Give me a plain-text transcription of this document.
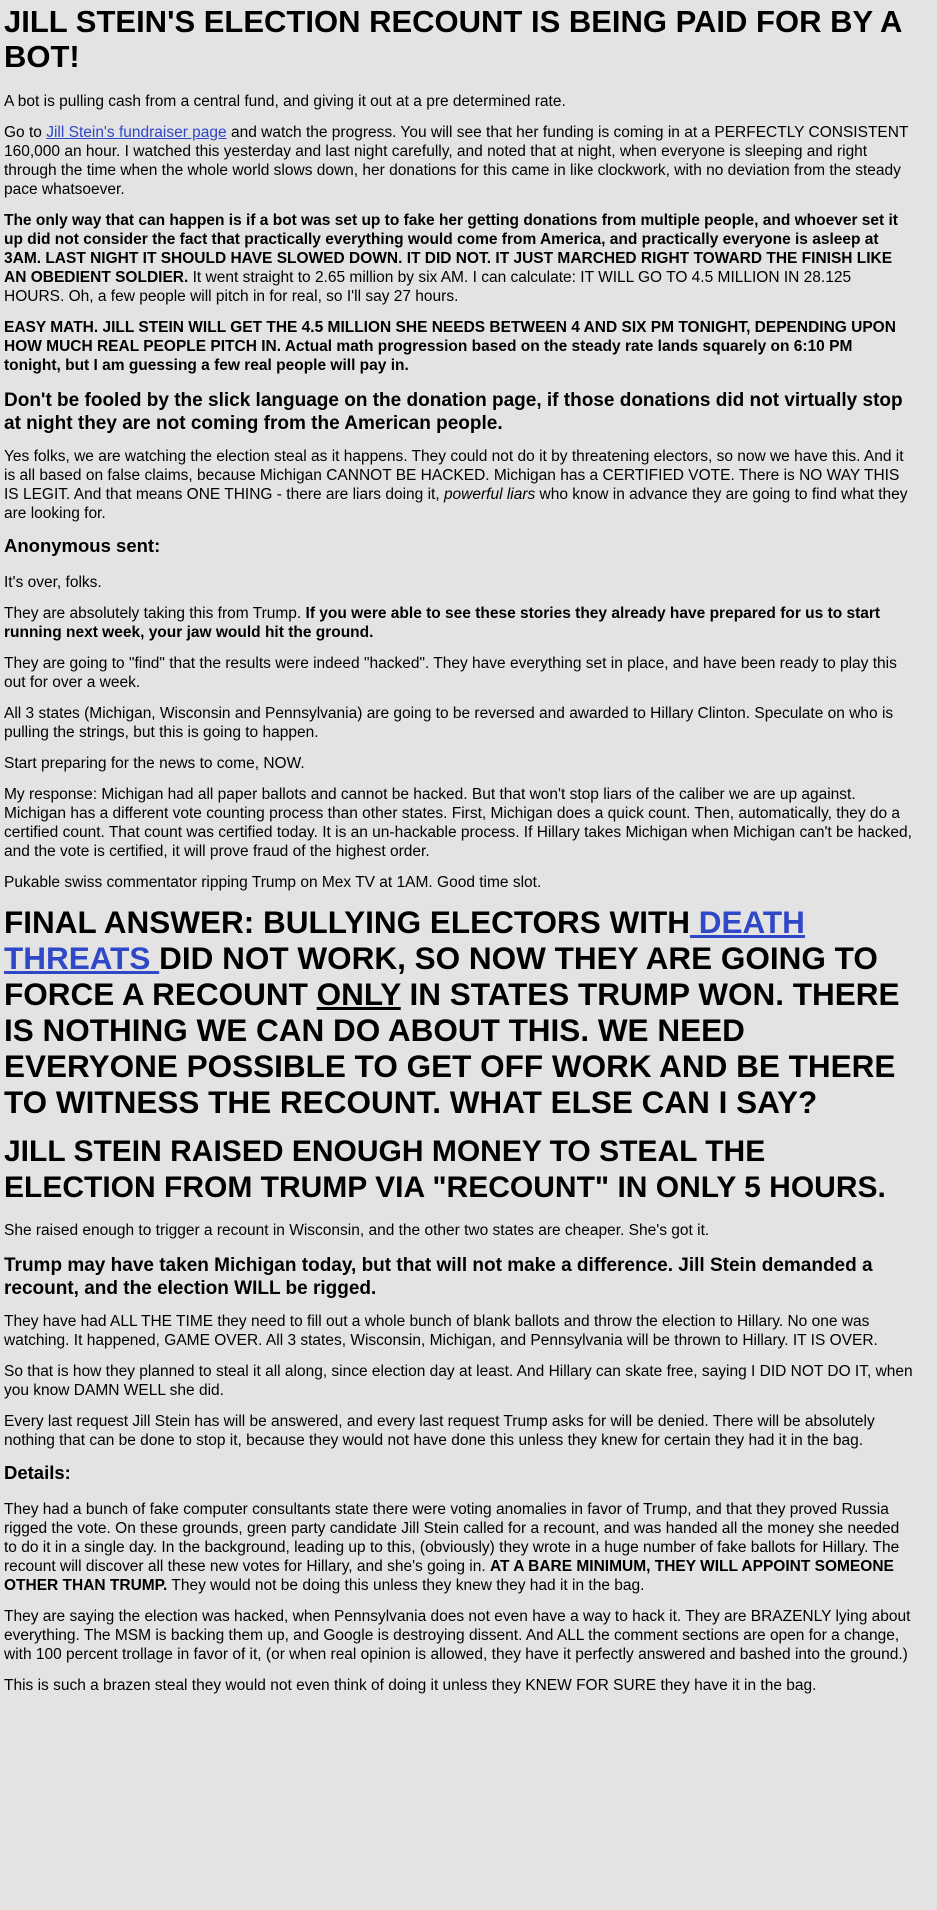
JILL STEIN'S ELECTION RECOUNT IS BEING PAID FOR BY A BOT!

A bot is pulling cash from a central fund, and giving it out at a pre determined rate.

Go to Jill Stein's fundraiser page and watch the progress. You will see that her funding is coming in at a PERFECTLY CONSISTENT 160,000 an hour. I watched this yesterday and last night carefully, and noted that at night, when everyone is sleeping and right through the time when the whole world slows down, her donations for this came in like clockwork, with no deviation from the steady pace whatsoever.

The only way that can happen is if a bot was set up to fake her getting donations from multiple people, and whoever set it up did not consider the fact that practically everything would come from America, and practically everyone is asleep at 3AM. LAST NIGHT IT SHOULD HAVE SLOWED DOWN. IT DID NOT. IT JUST MARCHED RIGHT TOWARD THE FINISH LIKE AN OBEDIENT SOLDIER. It went straight to 2.65 million by six AM. I can calculate: IT WILL GO TO 4.5 MILLION IN 28.125 HOURS. Oh, a few people will pitch in for real, so I'll say 27 hours.

EASY MATH. JILL STEIN WILL GET THE 4.5 MILLION SHE NEEDS BETWEEN 4 AND SIX PM TONIGHT, DEPENDING UPON HOW MUCH REAL PEOPLE PITCH IN. Actual math progression based on the steady rate lands squarely on 6:10 PM tonight, but I am guessing a few real people will pay in.

Don't be fooled by the slick language on the donation page, if those donations did not virtually stop at night they are not coming from the American people.

Yes folks, we are watching the election steal as it happens. They could not do it by threatening electors, so now we have this. And it is all based on false claims, because Michigan CANNOT BE HACKED. Michigan has a CERTIFIED VOTE. There is NO WAY THIS IS LEGIT. And that means ONE THING - there are liars doing it, powerful liars who know in advance they are going to find what they are looking for.

Anonymous sent:

It's over, folks.

They are absolutely taking this from Trump. If you were able to see these stories they already have prepared for us to start running next week, your jaw would hit the ground.

They are going to "find" that the results were indeed "hacked". They have everything set in place, and have been ready to play this out for over a week.

All 3 states (Michigan, Wisconsin and Pennsylvania) are going to be reversed and awarded to Hillary Clinton. Speculate on who is pulling the strings, but this is going to happen.

Start preparing for the news to come, NOW.

My response: Michigan had all paper ballots and cannot be hacked. But that won't stop liars of the caliber we are up against. Michigan has a different vote counting process than other states. First, Michigan does a quick count. Then, automatically, they do a certified count. That count was certified today. It is an un-hackable process. If Hillary takes Michigan when Michigan can't be hacked, and the vote is certified, it will prove fraud of the highest order.

Pukable swiss commentator ripping Trump on Mex TV at 1AM. Good time slot.

FINAL ANSWER: BULLYING ELECTORS WITH DEATH THREATS DID NOT WORK, SO NOW THEY ARE GOING TO FORCE A RECOUNT ONLY IN STATES TRUMP WON. THERE IS NOTHING WE CAN DO ABOUT THIS. WE NEED EVERYONE POSSIBLE TO GET OFF WORK AND BE THERE TO WITNESS THE RECOUNT. WHAT ELSE CAN I SAY?
JILL STEIN RAISED ENOUGH MONEY TO STEAL THE ELECTION FROM TRUMP VIA "RECOUNT" IN ONLY 5 HOURS.

She raised enough to trigger a recount in Wisconsin, and the other two states are cheaper. She's got it.

Trump may have taken Michigan today, but that will not make a difference. Jill Stein demanded a recount, and the election WILL be rigged.

They have had ALL THE TIME they need to fill out a whole bunch of blank ballots and throw the election to Hillary. No one was watching. It happened, GAME OVER. All 3 states, Wisconsin, Michigan, and Pennsylvania will be thrown to Hillary. IT IS OVER.

So that is how they planned to steal it all along, since election day at least. And Hillary can skate free, saying I DID NOT DO IT, when you know DAMN WELL she did.

Every last request Jill Stein has will be answered, and every last request Trump asks for will be denied. There will be absolutely nothing that can be done to stop it, because they would not have done this unless they knew for certain they had it in the bag.

Details:

They had a bunch of fake computer consultants state there were voting anomalies in favor of Trump, and that they proved Russia rigged the vote. On these grounds, green party candidate Jill Stein called for a recount, and was handed all the money she needed to do it in a single day. In the background, leading up to this, (obviously) they wrote in a huge number of fake ballots for Hillary. The recount will discover all these new votes for Hillary, and she's going in. AT A BARE MINIMUM, THEY WILL APPOINT SOMEONE OTHER THAN TRUMP. They would not be doing this unless they knew they had it in the bag.

They are saying the election was hacked, when Pennsylvania does not even have a way to hack it. They are BRAZENLY lying about everything. The MSM is backing them up, and Google is destroying dissent. And ALL the comment sections are open for a change, with 100 percent trollage in favor of it, (or when real opinion is allowed, they have it perfectly answered and bashed into the ground.)

This is such a brazen steal they would not even think of doing it unless they KNEW FOR SURE they have it in the bag.
